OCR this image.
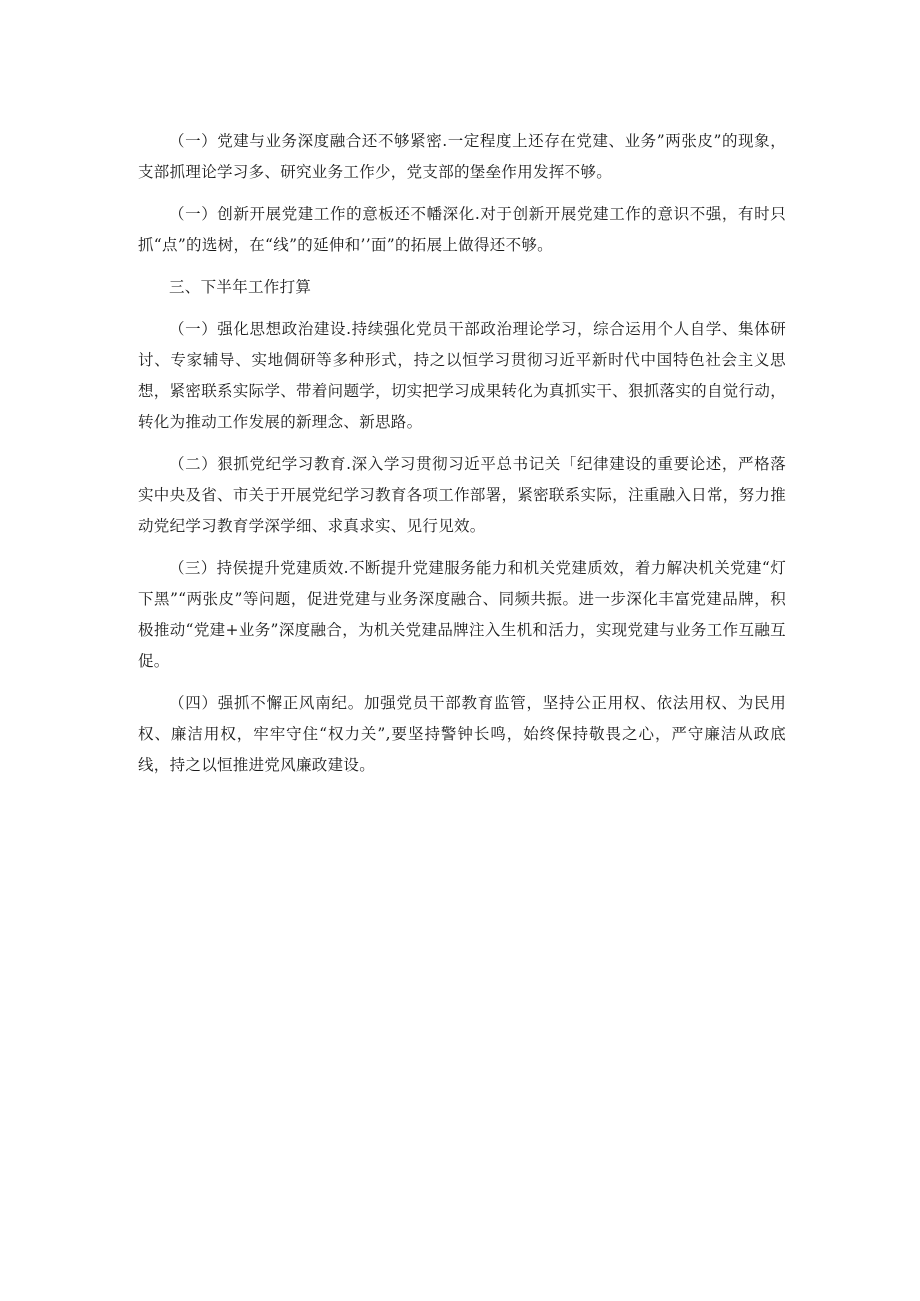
（一）党建与业务深度融合还不够紧密.一定程度上还存在党建、业务”两张皮”的现象，支部抓理论学习多、研究业务工作少，党支部的堡垒作用发挥不够。

（一）创新开展党建工作的意板还不幡深化.对于创新开展党建工作的意识不强，有时只抓“点”的选树，在“线”的延伸和’’面”的拓展上做得还不够。

三、下半年工作打算

（一）强化思想政治建设.持续强化党员干部政治理论学习，综合运用个人自学、集体研讨、专家辅导、实地倜研等多种形式，持之以恒学习贯彻习近平新时代中国特色社会主义思想，紧密联系实际学、带着问题学，切实把学习成果转化为真抓实干、狠抓落实的自觉行动，转化为推动工作发展的新理念、新思路。

（二）狠抓党纪学习教育.深入学习贯彻习近平总书记关「纪律建设的重要论述，严格落实中央及省、市关于开展党纪学习教育各项工作部署，紧密联系实际，注重融入日常，努力推动党纪学习教育学深学细、求真求实、见行见效。

（三）持侯提升党建质效.不断提升党建服务能力和机关党建质效，着力解决机关党建“灯下黑”“两张皮”等问题，促进党建与业务深度融合、同频共振。进一步深化丰富党建品牌，积极推动“党建+业务”深度融合，为机关党建品牌注入生机和活力，实现党建与业务工作互融互促。

（四）强抓不懈正风南纪。加强党员干部教育监管，坚持公正用权、依法用权、为民用权、廉洁用权，牢牢守住“权力关”,要坚持警钟长鸣，始终保持敬畏之心，严守廉洁从政底线，持之以恒推进党风廉政建设。
